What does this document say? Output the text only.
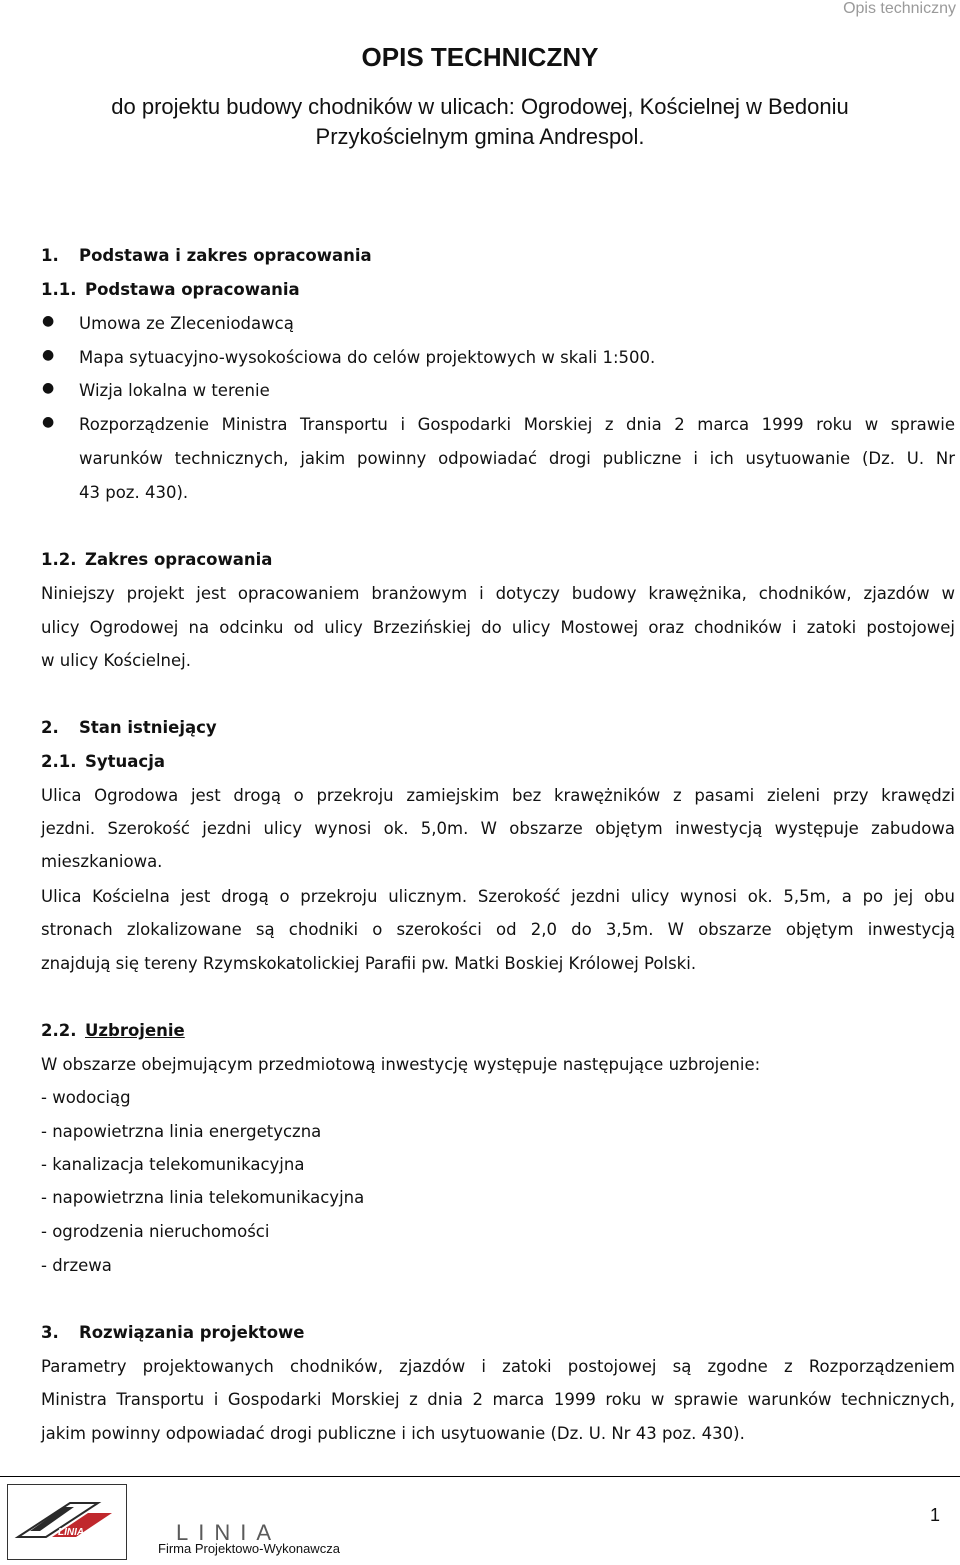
Opis techniczny
OPIS TECHNICZNY
do projektu budowy chodników w ulicach: Ogrodowej, Kościelnej w Bedoniu Przykościelnym gmina Andrespol.
1. Podstawa i zakres opracowania
1.1. Podstawa opracowania
● Umowa ze Zleceniodawcą
● Mapa sytuacyjno-wysokościowa do celów projektowych w skali 1:500.
● Wizja lokalna w terenie
● Rozporządzenie Ministra Transportu i Gospodarki Morskiej z dnia 2 marca 1999 roku w sprawie
warunków technicznych, jakim powinny odpowiadać drogi publiczne i ich usytuowanie (Dz. U. Nr
43 poz. 430).
1.2. Zakres opracowania
Niniejszy projekt jest opracowaniem branżowym i dotyczy budowy krawężnika, chodników, zjazdów w
ulicy Ogrodowej na odcinku od ulicy Brzezińskiej do ulicy Mostowej oraz chodników i zatoki postojowej
w ulicy Kościelnej.
2. Stan istniejący
2.1. Sytuacja
Ulica Ogrodowa jest drogą o przekroju zamiejskim bez krawężników z pasami zieleni przy krawędzi
jezdni. Szerokość jezdni ulicy wynosi ok. 5,0m. W obszarze objętym inwestycją występuje zabudowa
mieszkaniowa.
Ulica Kościelna jest drogą o przekroju ulicznym. Szerokość jezdni ulicy wynosi ok. 5,5m, a po jej obu
stronach zlokalizowane są chodniki o szerokości od 2,0 do 3,5m. W obszarze objętym inwestycją
znajdują się tereny Rzymskokatolickiej Parafii pw. Matki Boskiej Królowej Polski.
2.2. Uzbrojenie
W obszarze obejmującym przedmiotową inwestycję występuje następujące uzbrojenie:
- wodociąg
- napowietrzna linia energetyczna
- kanalizacja telekomunikacyjna
- napowietrzna linia telekomunikacyjna
- ogrodzenia nieruchomości
- drzewa
3. Rozwiązania projektowe
Parametry projektowanych chodników, zjazdów i zatoki postojowej są zgodne z Rozporządzeniem
Ministra Transportu i Gospodarki Morskiej z dnia 2 marca 1999 roku w sprawie warunków technicznych,
jakim powinny odpowiadać drogi publiczne i ich usytuowanie (Dz. U. Nr 43 poz. 430).
LINIA	LINIA
Firma Projektowo-Wykonawcza
1
